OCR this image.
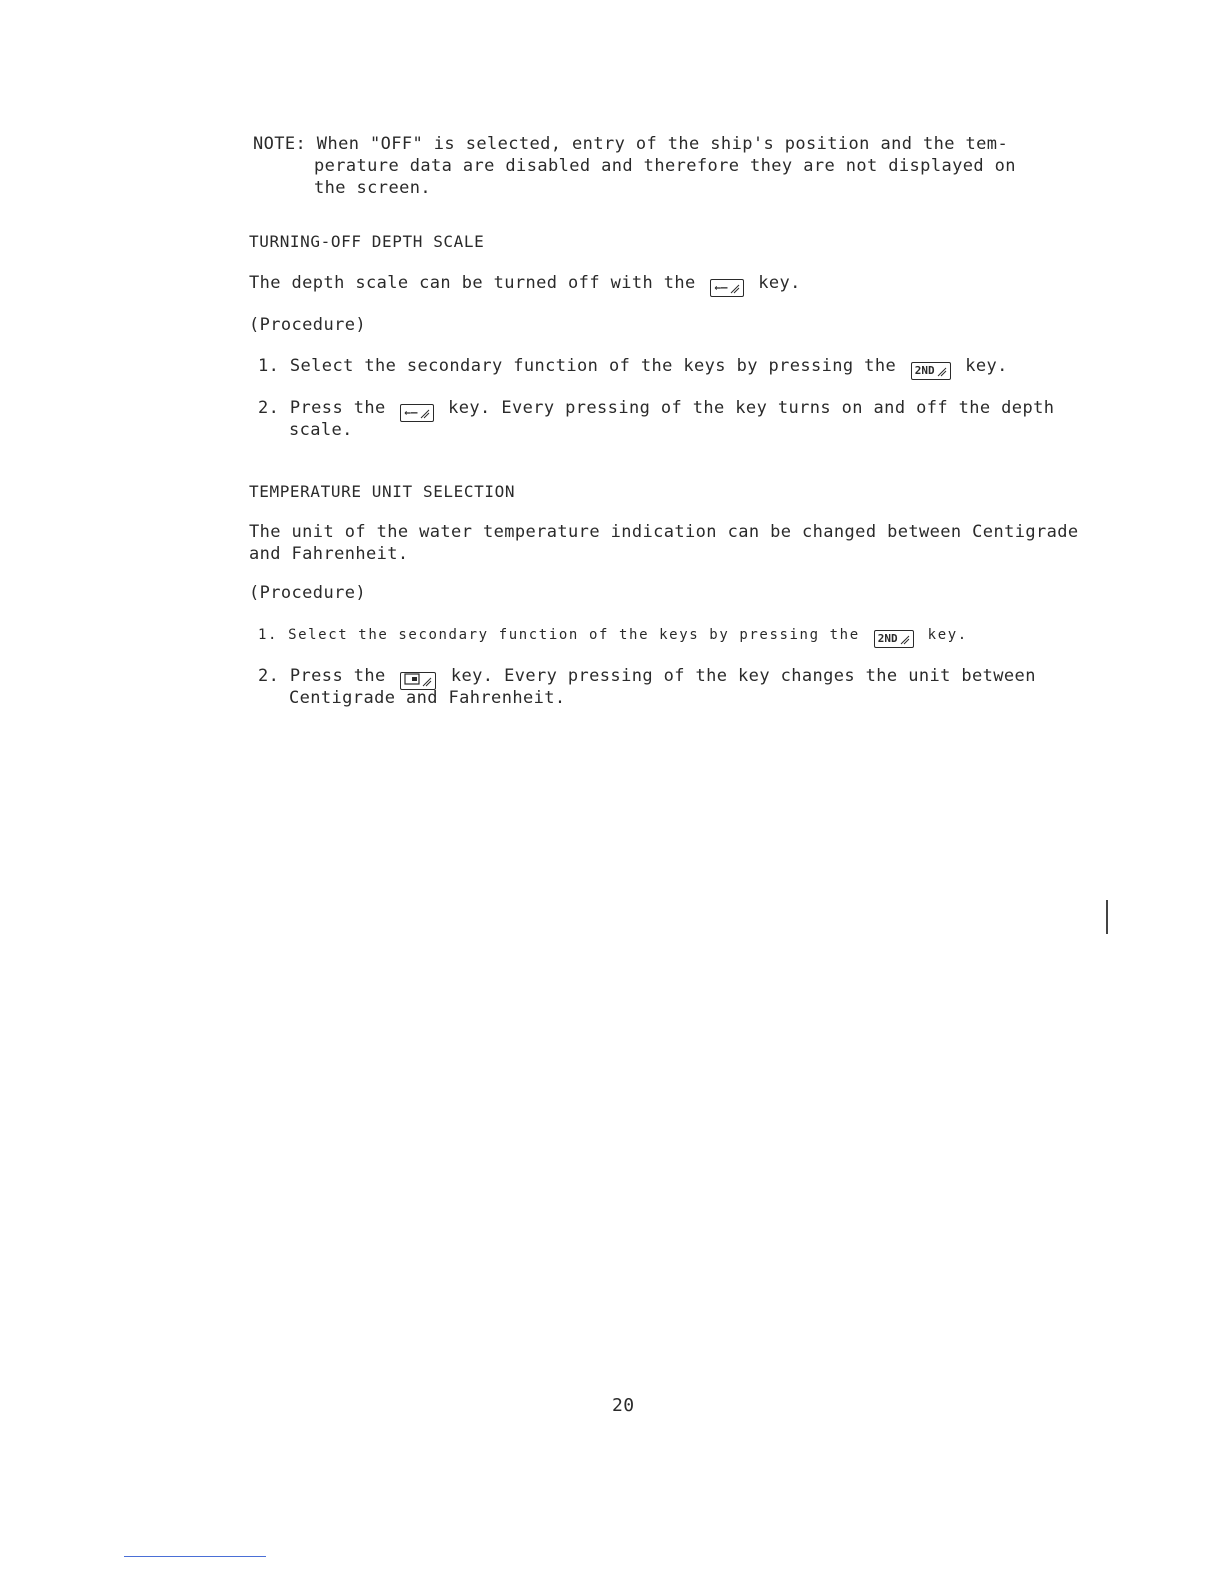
NOTE: When "OFF" is selected, entry of the ship's position and the tem-
perature data are disabled and therefore they are not displayed on
the screen.
TURNING-OFF DEPTH SCALE
The depth scale can be turned off with the ←— key.
(Procedure)
1. Select the secondary function of the keys by pressing the 2ND key.
2. Press the ←— key. Every pressing of the key turns on and off the depth
scale.
TEMPERATURE UNIT SELECTION
The unit of the water temperature indication can be changed between Centigrade
and Fahrenheit.
(Procedure)
1. Select the secondary function of the keys by pressing the 2ND key.
2. Press the	key. Every pressing of the key changes the unit between
Centigrade and Fahrenheit.
20
